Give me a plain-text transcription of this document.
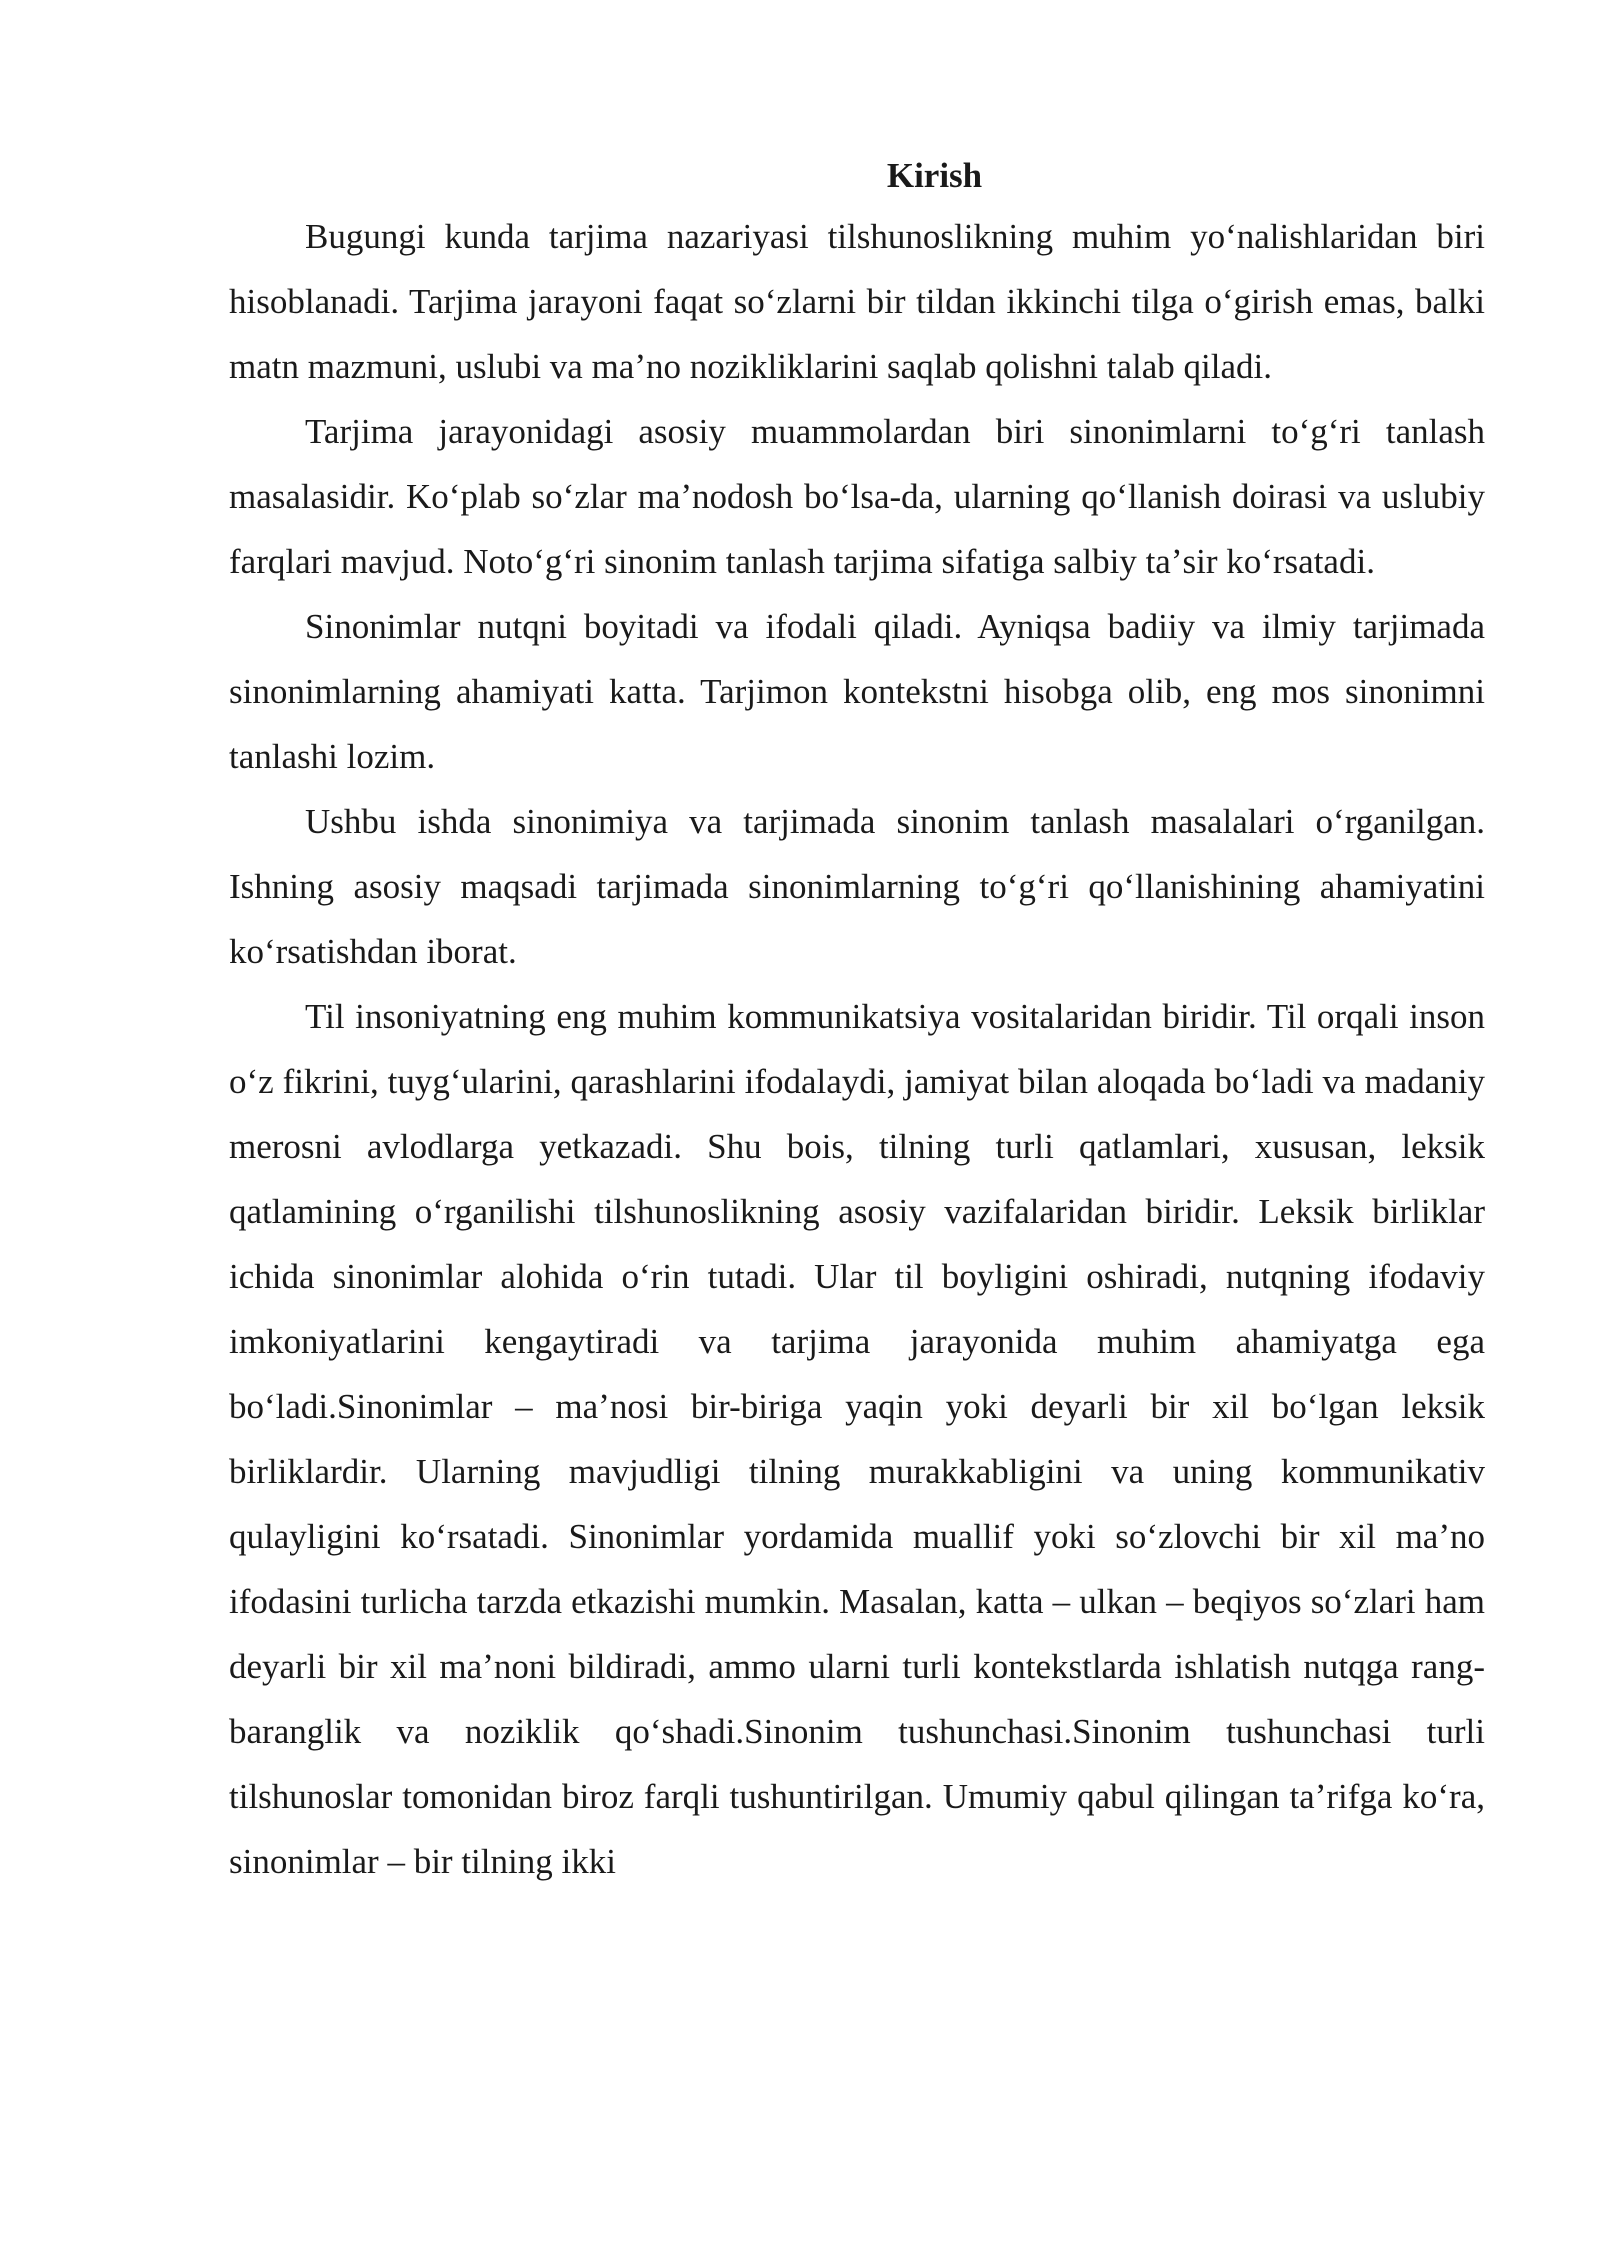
Kirish

Bugungi kunda tarjima nazariyasi tilshunoslikning muhim yoʻnalishlaridan biri hisoblanadi. Tarjima jarayoni faqat soʻzlarni bir tildan ikkinchi tilga oʻgirish emas, balki matn mazmuni, uslubi va maʼno nozikliklarini saqlab qolishni talab qiladi.

Tarjima jarayonidagi asosiy muammolardan biri sinonimlarni toʻgʻri tanlash masalasidir. Koʻplab soʻzlar maʼnodosh boʻlsa-da, ularning qoʻllanish doirasi va uslubiy farqlari mavjud. Notoʻgʻri sinonim tanlash tarjima sifatiga salbiy taʼsir koʻrsatadi.

Sinonimlar nutqni boyitadi va ifodali qiladi. Ayniqsa badiiy va ilmiy tarjimada sinonimlarning ahamiyati katta. Tarjimon kontekstni hisobga olib, eng mos sinonimni tanlashi lozim.

Ushbu ishda sinonimiya va tarjimada sinonim tanlash masalalari oʻrganilgan. Ishning asosiy maqsadi tarjimada sinonimlarning toʻgʻri qoʻllanishining ahamiyatini koʻrsatishdan iborat.

Til insoniyatning eng muhim kommunikatsiya vositalaridan biridir. Til orqali inson oʻz fikrini, tuygʻularini, qarashlarini ifodalaydi, jamiyat bilan aloqada boʻladi va madaniy merosni avlodlarga yetkazadi. Shu bois, tilning turli qatlamlari, xususan, leksik qatlamining oʻrganilishi tilshunoslikning asosiy vazifalaridan biridir. Leksik birliklar ichida sinonimlar alohida oʻrin tutadi. Ular til boyligini oshiradi, nutqning ifodaviy imkoniyatlarini kengaytiradi va tarjima jarayonida muhim ahamiyatga ega boʻladi.Sinonimlar – maʼnosi bir-biriga yaqin yoki deyarli bir xil boʻlgan leksik birliklardir. Ularning mavjudligi tilning murakkabligini va uning kommunikativ qulayligini koʻrsatadi. Sinonimlar yordamida muallif yoki soʻzlovchi bir xil maʼno ifodasini turlicha tarzda etkazishi mumkin. Masalan, katta – ulkan – beqiyos soʻzlari ham deyarli bir xil maʼnoni bildiradi, ammo ularni turli kontekstlarda ishlatish nutqga rang-baranglik va noziklik qoʻshadi.Sinonim tushunchasi.Sinonim tushunchasi turli tilshunoslar tomonidan biroz farqli tushuntirilgan. Umumiy qabul qilingan taʼrifga koʻra, sinonimlar – bir tilning ikki
